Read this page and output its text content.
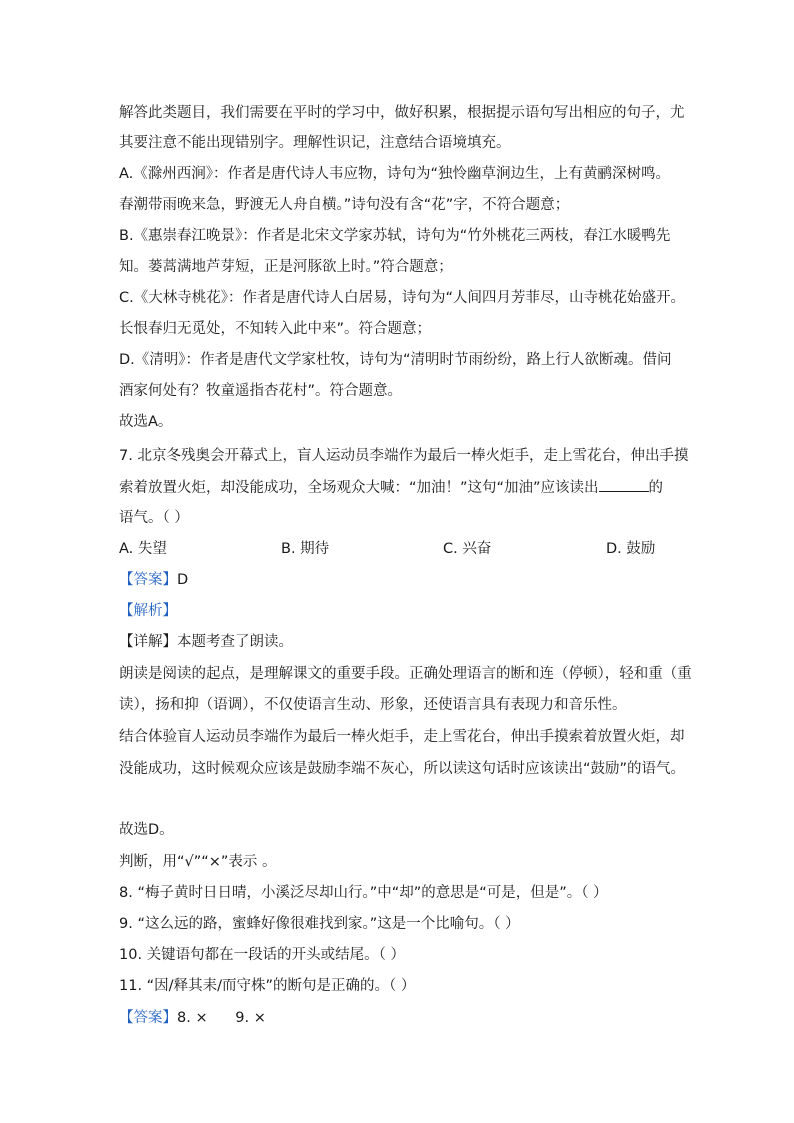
解答此类题目，我们需要在平时的学习中，做好积累，根据提示语句写出相应的句子，尤
其要注意不能出现错别字。理解性识记，注意结合语境填充。
A.《滁州西涧》：作者是唐代诗人韦应物，诗句为“独怜幽草涧边生，上有黄鹂深树鸣。
春潮带雨晚来急，野渡无人舟自横。”诗句没有含“花”字，不符合题意；
B.《惠崇春江晚景》：作者是北宋文学家苏轼，诗句为“竹外桃花三两枝，春江水暖鸭先
知。蒌蒿满地芦芽短，正是河豚欲上时。”符合题意；
C.《大林寺桃花》：作者是唐代诗人白居易，诗句为“人间四月芳菲尽，山寺桃花始盛开。
长恨春归无觅处，不知转入此中来”。符合题意；
D.《清明》：作者是唐代文学家杜牧，诗句为“清明时节雨纷纷，路上行人欲断魂。借问
酒家何处有？牧童遥指杏花村”。符合题意。
故选A。
7. 北京冬残奥会开幕式上，盲人运动员李端作为最后一棒火炬手，走上雪花台，伸出手摸
索着放置火炬，却没能成功，全场观众大喊：“加油！”这句“加油”应该读出	的
语气。（ ）
A. 失望	B. 期待	C. 兴奋	D. 鼓励
【答案】D
【解析】
【详解】本题考查了朗读。
朗读是阅读的起点，是理解课文的重要手段。正确处理语言的断和连（停顿），轻和重（重
读），扬和抑（语调），不仅使语言生动、形象，还使语言具有表现力和音乐性。
结合体验盲人运动员李端作为最后一棒火炬手，走上雪花台，伸出手摸索着放置火炬，却
没能成功，这时候观众应该是鼓励李端不灰心，所以读这句话时应该读出“鼓励”的语气。
故选D。
判断，用“√”“×”表示 。
8. “梅子黄时日日晴，小溪泛尽却山行。”中“却”的意思是“可是，但是”。（ ）
9. “这么远的路，蜜蜂好像很难找到家。”这是一个比喻句。（ ）
10. 关键语句都在一段话的开头或结尾。（ ）
11. “因/释其耒/而守株”的断句是正确的。（ ）
【答案】8. ×      9. ×
